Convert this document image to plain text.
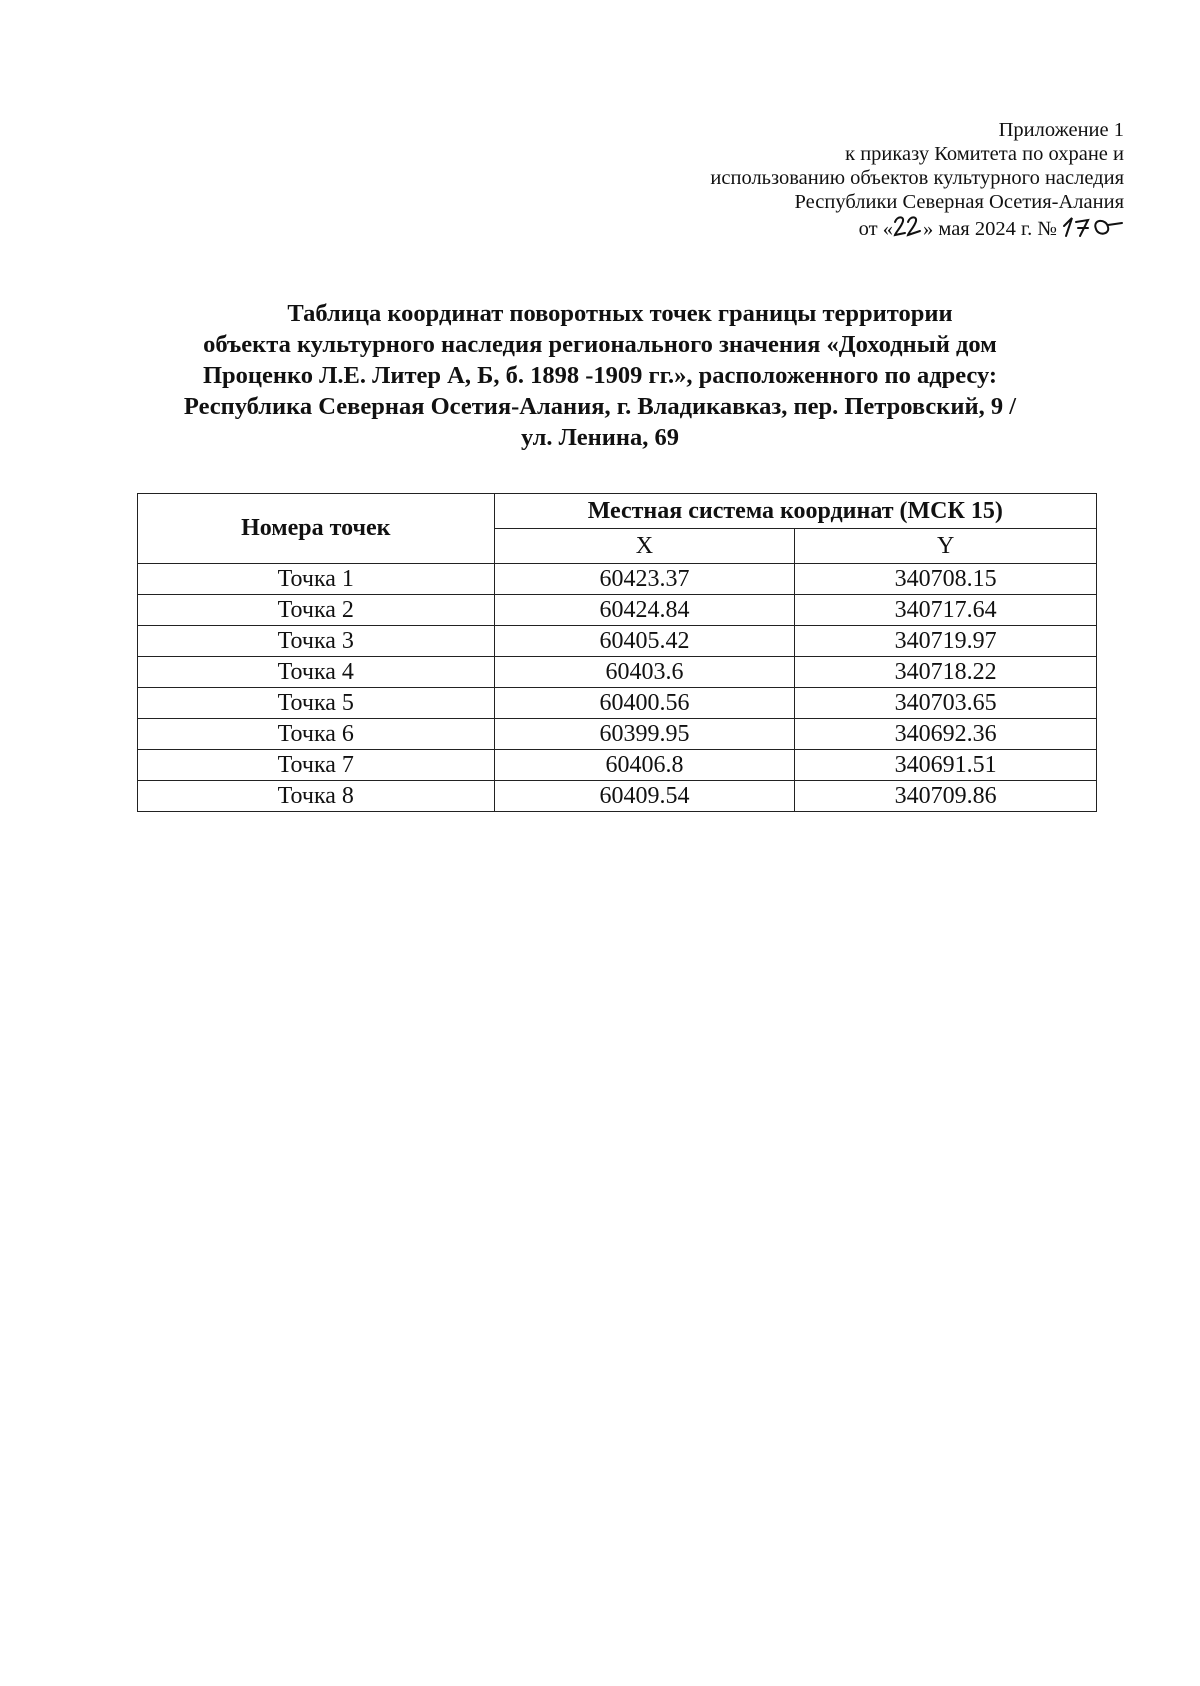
Приложение 1
к приказу Комитета по охране и
использованию объектов культурного наследия
Республики Северная Осетия-Алания
от « » мая 2024 г. №
Таблица координат поворотных точек границы территории
объекта культурного наследия регионального значения «Доходный дом
Проценко Л.Е. Литер А, Б, б. 1898 -1909 гг.», расположенного по адресу:
Республика Северная Осетия-Алания, г. Владикавказ, пер. Петровский, 9 /
ул. Ленина, 69
Номера точек	Местная система координат (МСК 15)	
	X	Y
Точка 1	60423.37	340708.15
Точка 2	60424.84	340717.64
Точка 3	60405.42	340719.97
Точка 4	60403.6	340718.22
Точка 5	60400.56	340703.65
Точка 6	60399.95	340692.36
Точка 7	60406.8	340691.51
Точка 8	60409.54	340709.86
